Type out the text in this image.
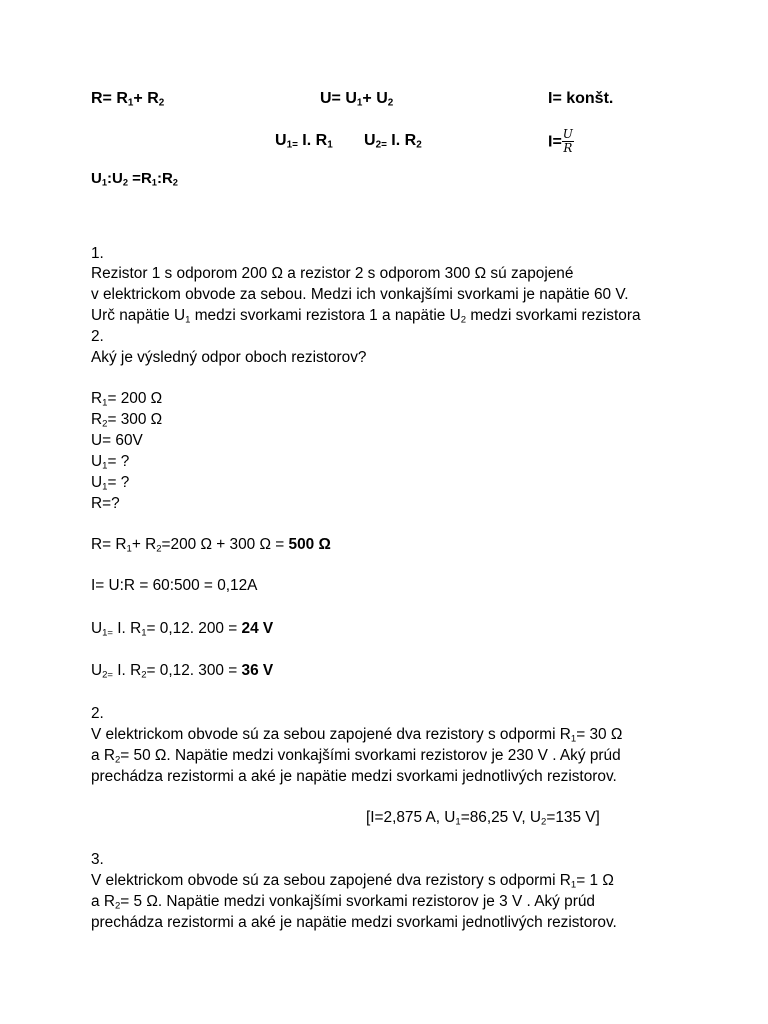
$R= R_1+ R_2$	$U= U_1+ U_2$	I= konšt.
$U_{1=}$ I. $R_1$ $U_{2=}$ I. $R_2$	$I= \frac{U}{R}$
$U_1:U_2$ $=R_1:R_2$
1.
Rezistor 1 s odporom 200 Ω a rezistor 2 s odporom 300 Ω sú zapojené
v elektrickom obvode za sebou. Medzi ich vonkajšími svorkami je napätie 60 V.
Urč napätie $U_1$ medzi svorkami rezistora 1 a napätie $U_2$ medzi svorkami rezistora
2.
Aký je výsledný odpor oboch rezistorov?
$R_1= 200$ Ω
$R_2= 300$ Ω
U= 60V
$U_1=$ ?
$U_1=$ ?
R=?
$R= R_1+ R_2=200$ Ω + 300 Ω = 500 Ω
I= U:R = 60:500 = 0,12A
$U_{1=}$ I. $R_1= 0,12$. 200 = 24 V
$U_{2=}$ I. $R_2= 0,12$. 300 = 36 V
2.
V elektrickom obvode sú za sebou zapojené dva rezistory s odpormi $R_1= 30$ Ω
a $R_2= 50$ Ω. Napätie medzi vonkajšími svorkami rezistorov je 230 V . Aký prúd
prechádza rezistormi a aké je napätie medzi svorkami jednotlivých rezistorov.
[I=2,875 A, $U_1=86,25$ V, $U_2=135$ V]
3.
V elektrickom obvode sú za sebou zapojené dva rezistory s odpormi $R_1= 1$ Ω
a $R_2= 5$ Ω. Napätie medzi vonkajšími svorkami rezistorov je 3 V . Aký prúd
prechádza rezistormi a aké je napätie medzi svorkami jednotlivých rezistorov.
